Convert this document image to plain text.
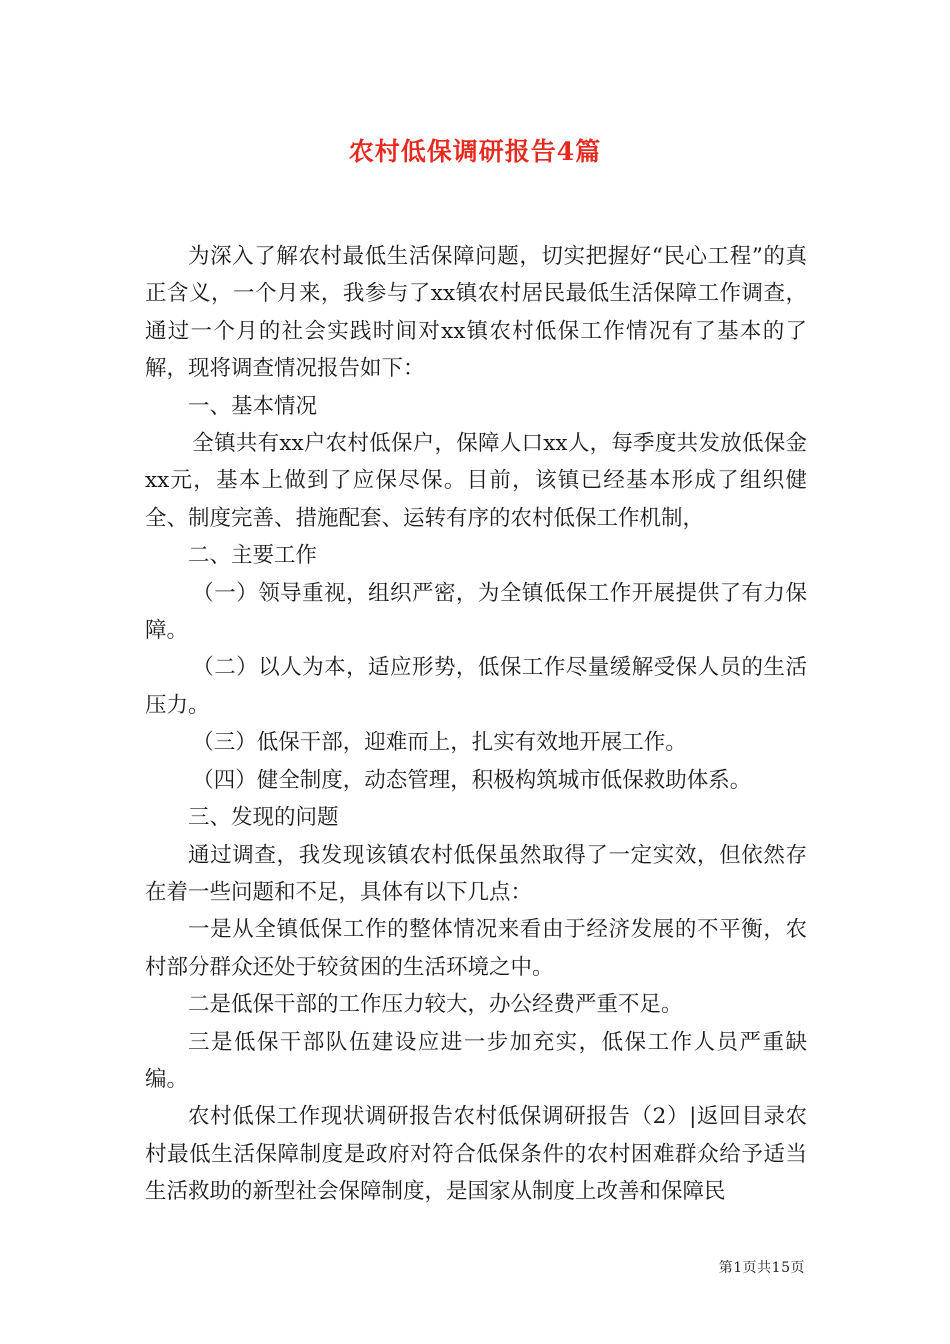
农村低保调研报告4篇

为深入了解农村最低生活保障问题，切实把握好“民心工程”的真正含义，一个月来，我参与了xx镇农村居民最低生活保障工作调查，通过一个月的社会实践时间对xx镇农村低保工作情况有了基本的了解，现将调查情况报告如下：

一、基本情况

全镇共有xx户农村低保户，保障人口xx人，每季度共发放低保金xx元，基本上做到了应保尽保。目前，该镇已经基本形成了组织健全、制度完善、措施配套、运转有序的农村低保工作机制，

二、主要工作

（一）领导重视，组织严密，为全镇低保工作开展提供了有力保障。

（二）以人为本，适应形势，低保工作尽量缓解受保人员的生活压力。

（三）低保干部，迎难而上，扎实有效地开展工作。

（四）健全制度，动态管理，积极构筑城市低保救助体系。

三、发现的问题

通过调查，我发现该镇农村低保虽然取得了一定实效，但依然存在着一些问题和不足，具体有以下几点：

一是从全镇低保工作的整体情况来看由于经济发展的不平衡，农村部分群众还处于较贫困的生活环境之中。

二是低保干部的工作压力较大，办公经费严重不足。

三是低保干部队伍建设应进一步加充实，低保工作人员严重缺编。

农村低保工作现状调研报告农村低保调研报告（2）|返回目录农村最低生活保障制度是政府对符合低保条件的农村困难群众给予适当生活救助的新型社会保障制度，是国家从制度上改善和保障民

第1页共15页
